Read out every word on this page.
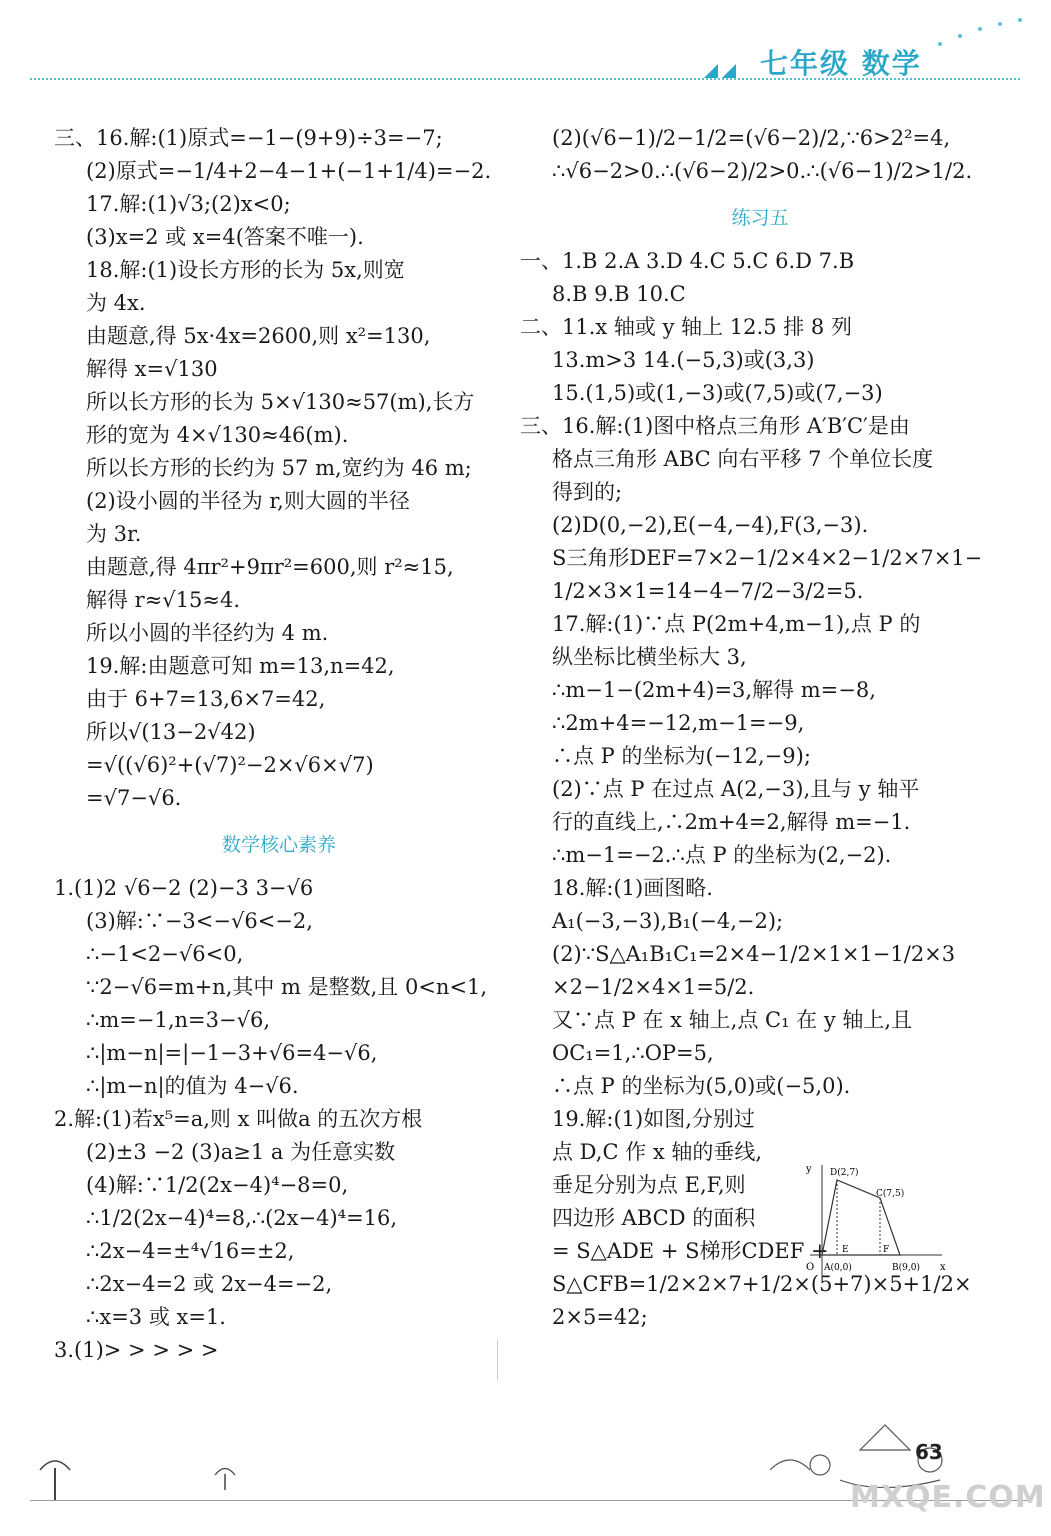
七年级 数学
三、16.解:(1)原式=−1−(9+9)÷3=−7;
(2)原式=−1/4+2−4−1+(−1+1/4)=−2.
17.解:(1)√3;(2)x<0;
(3)x=2 或 x=4(答案不唯一).
18.解:(1)设长方形的长为 5x,则宽
为 4x.
由题意,得 5x·4x=2600,则 x²=130,
解得 x=√130
所以长方形的长为 5×√130≈57(m),长方
形的宽为 4×√130≈46(m).
所以长方形的长约为 57 m,宽约为 46 m;
(2)设小圆的半径为 r,则大圆的半径
为 3r.
由题意,得 4πr²+9πr²=600,则 r²≈15,
解得 r≈√15≈4.
所以小圆的半径约为 4 m.
19.解:由题意可知 m=13,n=42,
由于 6+7=13,6×7=42,
所以√(13−2√42)
=√((√6)²+(√7)²−2×√6×√7)
=√7−√6.
数学核心素养
1.(1)2 √6−2 (2)−3 3−√6
(3)解:∵−3<−√6<−2,
∴−1<2−√6<0,
∵2−√6=m+n,其中 m 是整数,且 0<n<1,
∴m=−1,n=3−√6,
∴|m−n|=|−1−3+√6=4−√6,
∴|m−n|的值为 4−√6.
2.解:(1)若x⁵=a,则 x 叫做a 的五次方根
(2)±3 −2 (3)a≥1 a 为任意实数
(4)解:∵1/2(2x−4)⁴−8=0,
∴1/2(2x−4)⁴=8,∴(2x−4)⁴=16,
∴2x−4=±⁴√16=±2,
∴2x−4=2 或 2x−4=−2,
∴x=3 或 x=1.
3.(1)> > > > >
(2)(√6−1)/2−1/2=(√6−2)/2,∵6>2²=4,
∴√6−2>0.∴(√6−2)/2>0.∴(√6−1)/2>1/2.
练习五
一、1.B 2.A 3.D 4.C 5.C 6.D 7.B
8.B 9.B 10.C
二、11.x 轴或 y 轴上 12.5 排 8 列
13.m>3 14.(−5,3)或(3,3)
15.(1,5)或(1,−3)或(7,5)或(7,−3)
三、16.解:(1)图中格点三角形 A′B′C′是由
格点三角形 ABC 向右平移 7 个单位长度
得到的;
(2)D(0,−2),E(−4,−4),F(3,−3).
S三角形DEF=7×2−1/2×4×2−1/2×7×1−
1/2×3×1=14−4−7/2−3/2=5.
17.解:(1)∵点 P(2m+4,m−1),点 P 的
纵坐标比横坐标大 3,
∴m−1−(2m+4)=3,解得 m=−8,
∴2m+4=−12,m−1=−9,
∴点 P 的坐标为(−12,−9);
(2)∵点 P 在过点 A(2,−3),且与 y 轴平
行的直线上,∴2m+4=2,解得 m=−1.
∴m−1=−2.∴点 P 的坐标为(2,−2).
18.解:(1)画图略.
A₁(−3,−3),B₁(−4,−2);
(2)∵S△A₁B₁C₁=2×4−1/2×1×1−1/2×3
×2−1/2×4×1=5/2.
又∵点 P 在 x 轴上,点 C₁ 在 y 轴上,且
OC₁=1,∴OP=5,
∴点 P 的坐标为(5,0)或(−5,0).
19.解:(1)如图,分别过
点 D,C 作 x 轴的垂线,
垂足分别为点 E,F,则
四边形 ABCD 的面积
= S△ADE + S梯形CDEF +
S△CFB=1/2×2×7+1/2×(5+7)×5+1/2×
2×5=42;
y
x
O
D(2,7)
C(7,5)
E	F
A(0,0)	B(9,0)
63
MXQE.COM
